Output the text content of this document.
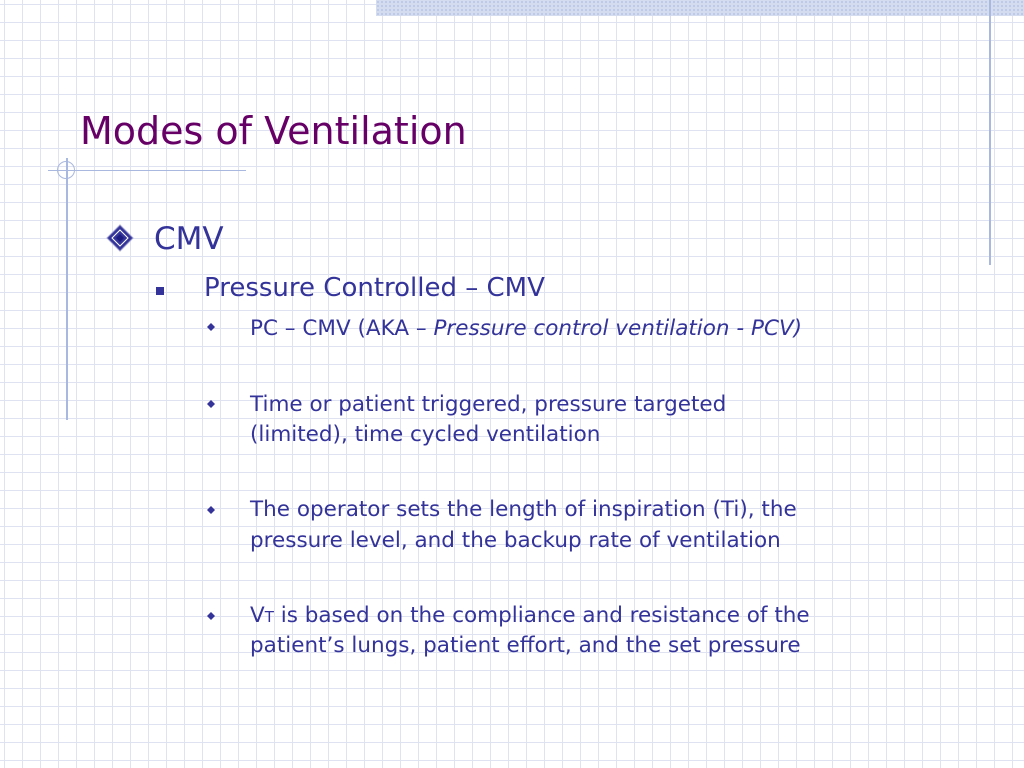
Modes of Ventilation
CMV
Pressure Controlled – CMV
PC – CMV (AKA – Pressure control ventilation - PCV)
Time or patient triggered, pressure targeted
(limited), time cycled ventilation
The operator sets the length of inspiration (Ti), the
pressure level, and the backup rate of ventilation
VT is based on the compliance and resistance of the
patient’s lungs, patient effort, and the set pressure
